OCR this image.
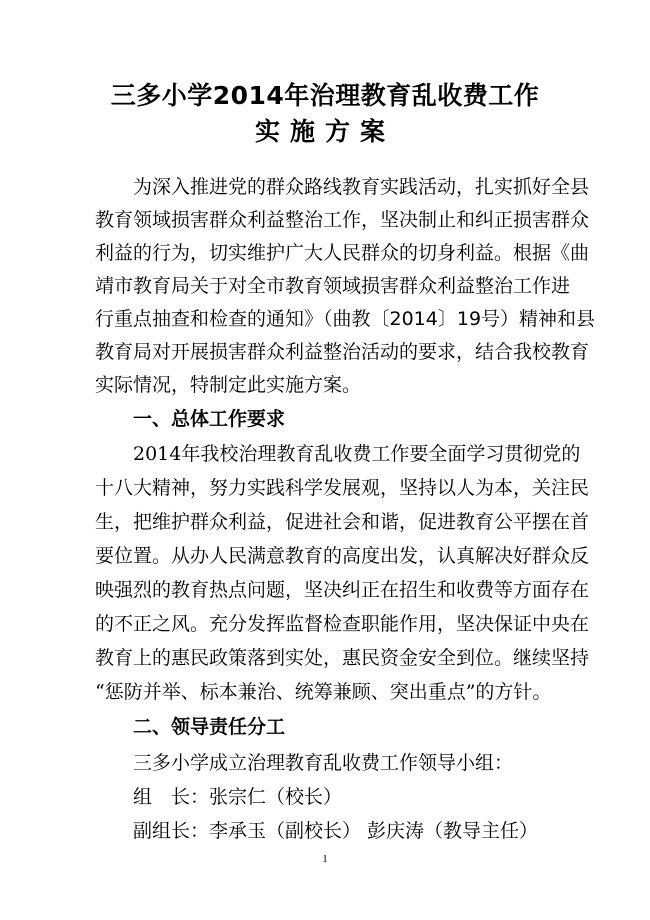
三多小学2014年治理教育乱收费工作
实施方案
为深入推进党的群众路线教育实践活动，扎实抓好全县
教育领域损害群众利益整治工作，坚决制止和纠正损害群众
利益的行为，切实维护广大人民群众的切身利益。根据《曲
靖市教育局关于对全市教育领域损害群众利益整治工作进
行重点抽查和检查的通知》（曲教〔2014〕19号）精神和县
教育局对开展损害群众利益整治活动的要求，结合我校教育
实际情况，特制定此实施方案。
一、总体工作要求
2014年我校治理教育乱收费工作要全面学习贯彻党的
十八大精神，努力实践科学发展观，坚持以人为本，关注民
生，把维护群众利益，促进社会和谐，促进教育公平摆在首
要位置。从办人民满意教育的高度出发，认真解决好群众反
映强烈的教育热点问题，坚决纠正在招生和收费等方面存在
的不正之风。充分发挥监督检查职能作用，坚决保证中央在
教育上的惠民政策落到实处，惠民资金安全到位。继续坚持
“惩防并举、标本兼治、统筹兼顾、突出重点”的方针。
二、领导责任分工
三多小学成立治理教育乱收费工作领导小组：
组　长：张宗仁（校长）
副组长：李承玉（副校长） 彭庆涛（教导主任）
1
